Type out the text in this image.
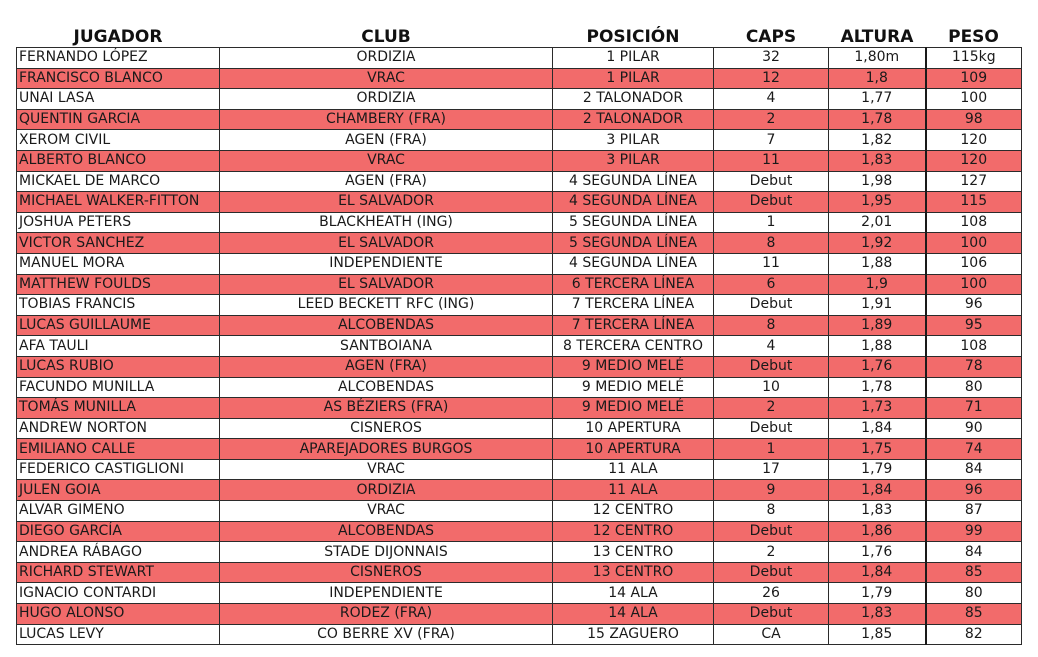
JUGADOR	CLUB	POSICIÓN	CAPS	ALTURA	PESO
FERNANDO LÓPEZ	ORDIZIA	1 PILAR	32	1,80m	115kg
FRANCISCO BLANCO	VRAC	1 PILAR	12	1,8	109
UNAI LASA	ORDIZIA	2 TALONADOR	4	1,77	100
QUENTIN GARCIA	CHAMBERY (FRA)	2 TALONADOR	2	1,78	98
XEROM CIVIL	AGEN (FRA)	3 PILAR	7	1,82	120
ALBERTO BLANCO	VRAC	3 PILAR	11	1,83	120
MICKAEL DE MARCO	AGEN (FRA)	4 SEGUNDA LÍNEA	Debut	1,98	127
MICHAEL WALKER-FITTON	EL SALVADOR	4 SEGUNDA LÍNEA	Debut	1,95	115
JOSHUA PETERS	BLACKHEATH (ING)	5 SEGUNDA LÍNEA	1	2,01	108
VICTOR SANCHEZ	EL SALVADOR	5 SEGUNDA LÍNEA	8	1,92	100
MANUEL MORA	INDEPENDIENTE	4 SEGUNDA LÍNEA	11	1,88	106
MATTHEW FOULDS	EL SALVADOR	6 TERCERA LÍNEA	6	1,9	100
TOBIAS FRANCIS	LEED BECKETT RFC (ING)	7 TERCERA LÍNEA	Debut	1,91	96
LUCAS GUILLAUME	ALCOBENDAS	7 TERCERA LÍNEA	8	1,89	95
AFA TAULI	SANTBOIANA	8 TERCERA CENTRO	4	1,88	108
LUCAS RUBIO	AGEN (FRA)	9 MEDIO MELÉ	Debut	1,76	78
FACUNDO MUNILLA	ALCOBENDAS	9 MEDIO MELÉ	10	1,78	80
TOMÁS MUNILLA	AS BÉZIERS (FRA)	9 MEDIO MELÉ	2	1,73	71
ANDREW NORTON	CISNEROS	10 APERTURA	Debut	1,84	90
EMILIANO CALLE	APAREJADORES BURGOS	10 APERTURA	1	1,75	74
FEDERICO CASTIGLIONI	VRAC	11 ALA	17	1,79	84
JULEN GOIA	ORDIZIA	11 ALA	9	1,84	96
ALVAR GIMENO	VRAC	12 CENTRO	8	1,83	87
DIEGO GARCÍA	ALCOBENDAS	12 CENTRO	Debut	1,86	99
ANDREA RÁBAGO	STADE DIJONNAIS	13 CENTRO	2	1,76	84
RICHARD STEWART	CISNEROS	13 CENTRO	Debut	1,84	85
IGNACIO CONTARDI	INDEPENDIENTE	14 ALA	26	1,79	80
HUGO ALONSO	RODEZ (FRA)	14 ALA	Debut	1,83	85
LUCAS LEVY	CO BERRE XV (FRA)	15 ZAGUERO	CA	1,85	82
